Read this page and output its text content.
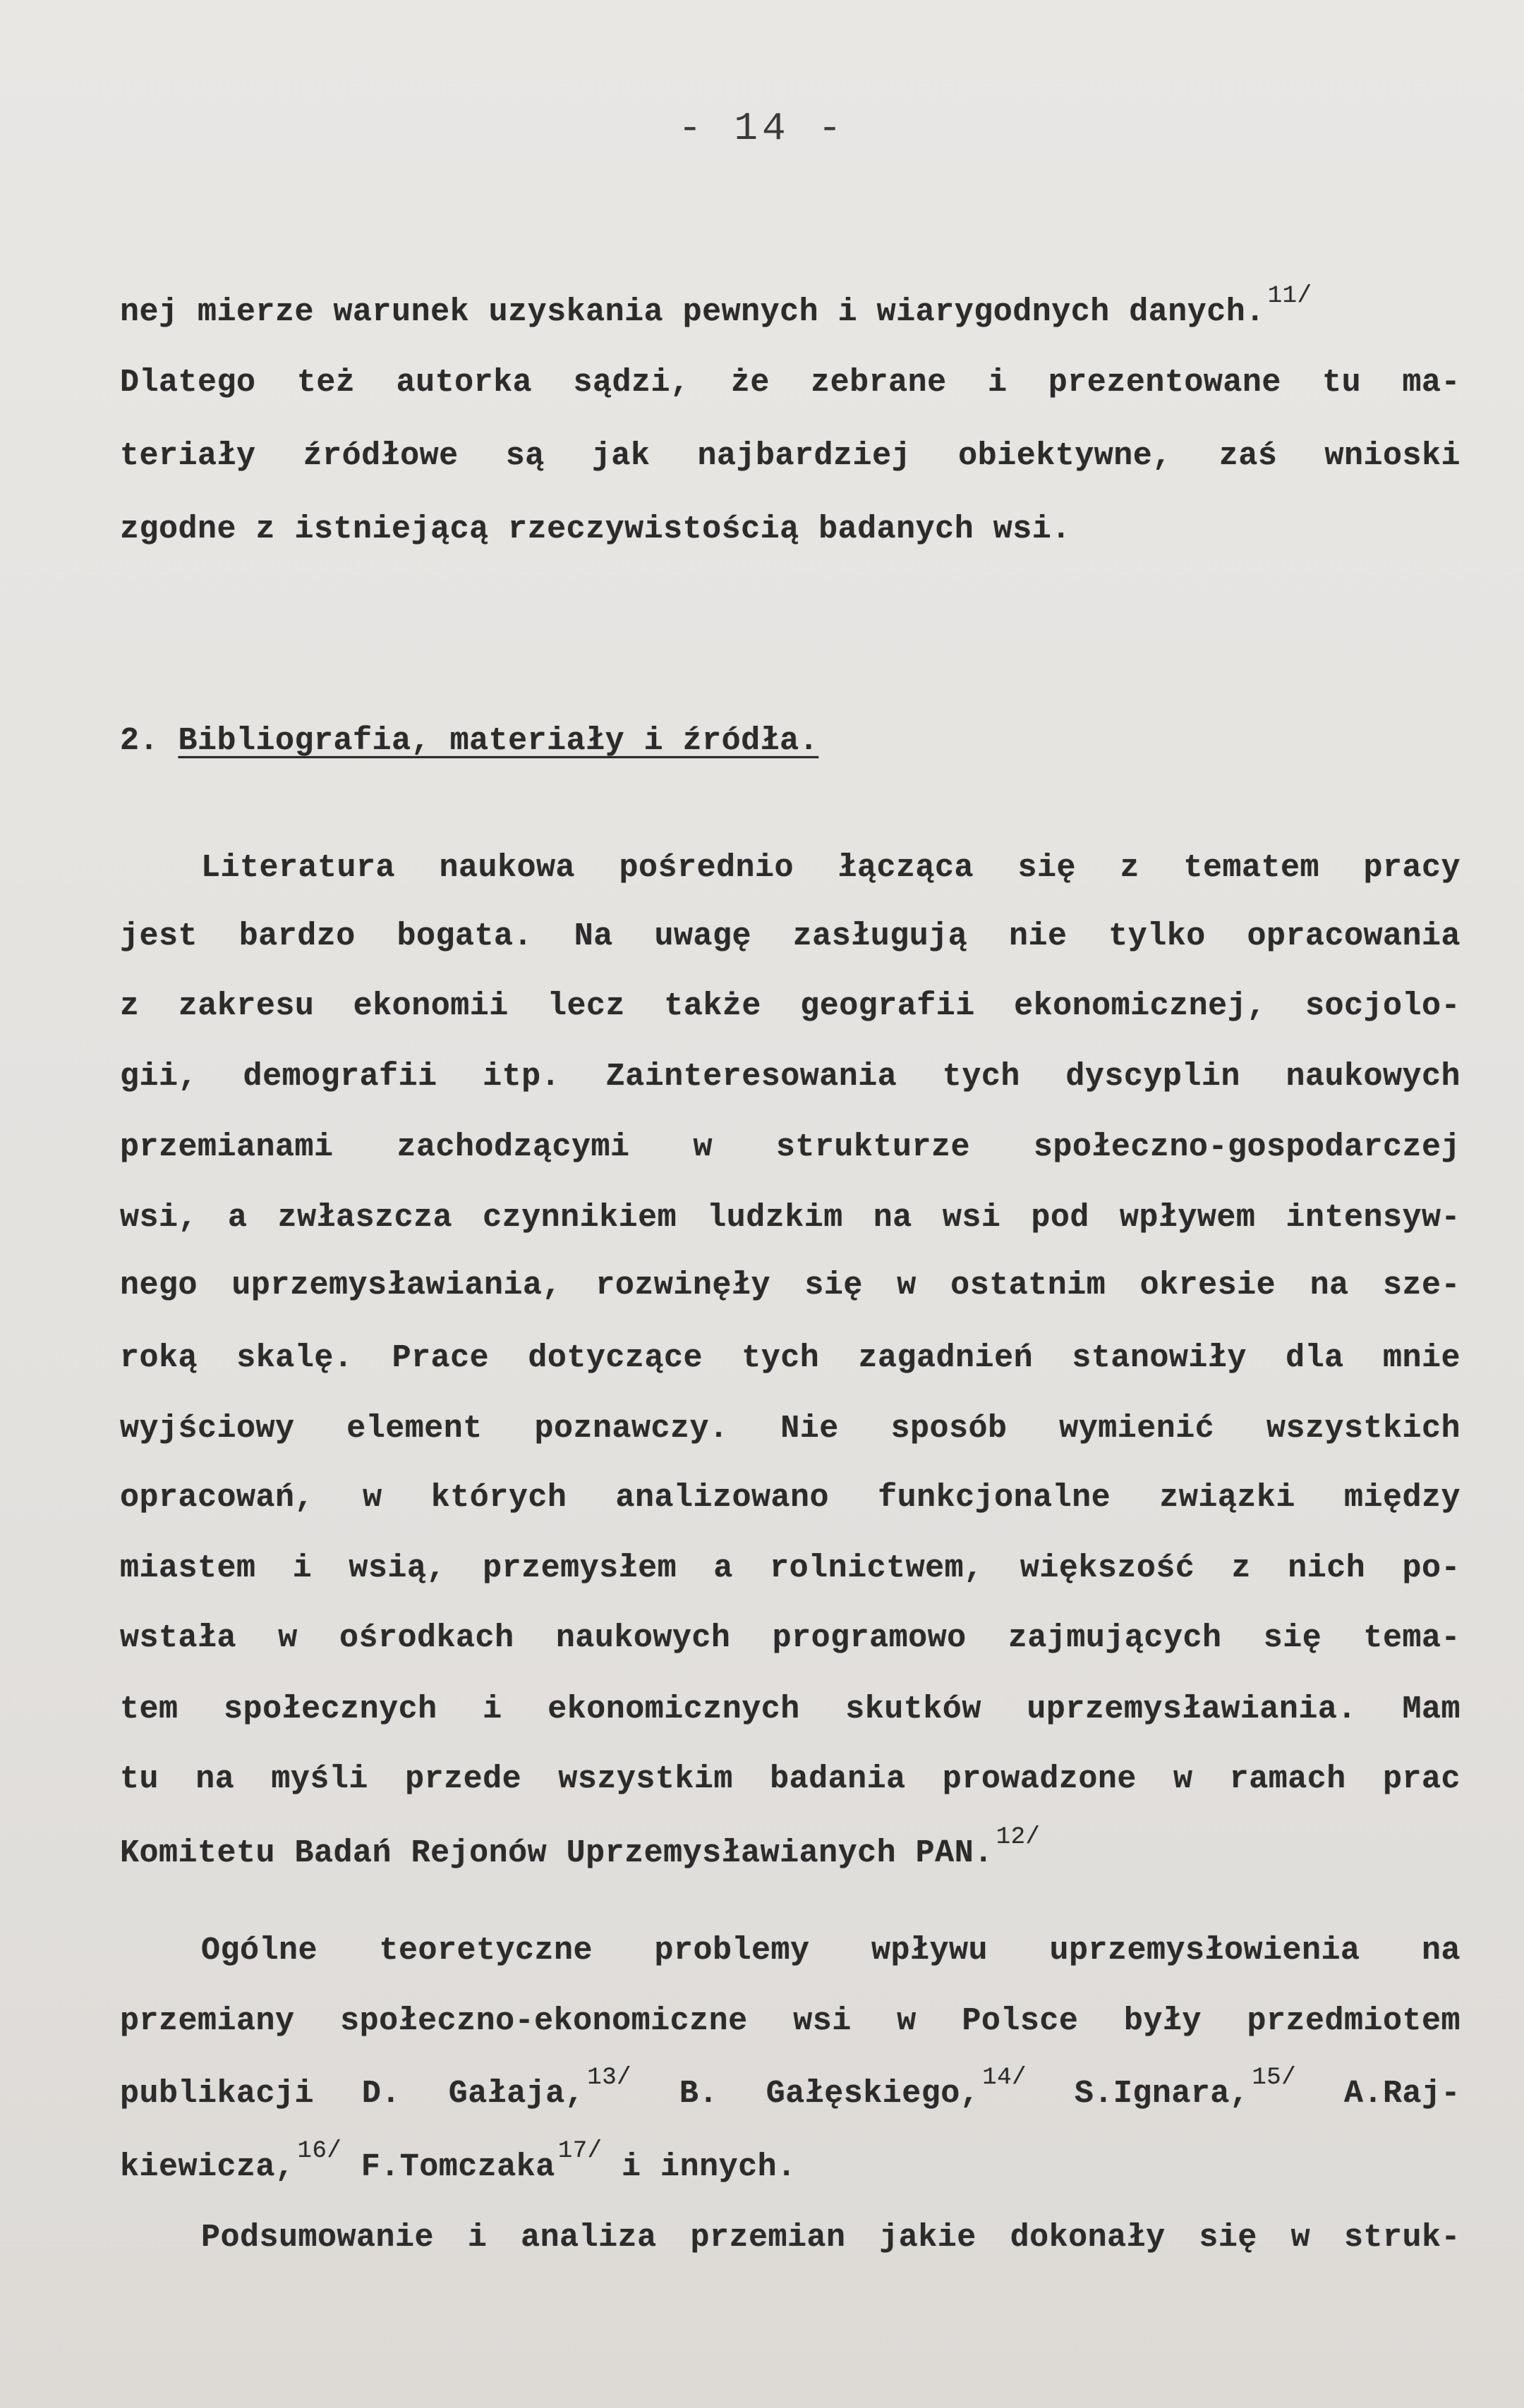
- 14 -
nej mierze warunek uzyskania pewnych i wiarygodnych danych. $^{11/}$
Dlatego też autorka sądzi, że zebrane i prezentowane tu ma-
teriały źródłowe są jak najbardziej obiektywne, zaś wnioski
zgodne z istniejącą rzeczywistością badanych wsi.
2. Bibliografia, materiały i źródła.
Literatura naukowa pośrednio łącząca się z tematem pracy
jest bardzo bogata. Na uwagę zasługują nie tylko opracowania
z zakresu ekonomii lecz także geografii ekonomicznej, socjolo-
gii, demografii itp. Zainteresowania tych dyscyplin naukowych
przemianami zachodzącymi w strukturze społeczno-gospodarczej
wsi, a zwłaszcza czynnikiem ludzkim na wsi pod wpływem intensyw-
nego uprzemysławiania, rozwinęły się w ostatnim okresie na sze-
roką skalę. Prace dotyczące tych zagadnień stanowiły dla mnie
wyjściowy element poznawczy. Nie sposób wymienić wszystkich
opracowań, w których analizowano funkcjonalne związki między
miastem i wsią, przemysłem a rolnictwem, większość z nich po-
wstała w ośrodkach naukowych programowo zajmujących się tema-
tem społecznych i ekonomicznych skutków uprzemysławiania. Mam
tu na myśli przede wszystkim badania prowadzone w ramach prac
Komitetu Badań Rejonów Uprzemysławianych PAN. $^{12/}$
Ogólne teoretyczne problemy wpływu uprzemysłowienia na
przemiany społeczno-ekonomiczne wsi w Polsce były przedmiotem
publikacji D. Gałaja, $^{13/}$ B. Gałęskiego, $^{14/}$ S.Ignara, $^{15/}$ A.Raj-
kiewicza, $^{16/}$ F.Tomczaka $^{17/}$ i innych.
Podsumowanie i analiza przemian jakie dokonały się w struk-
